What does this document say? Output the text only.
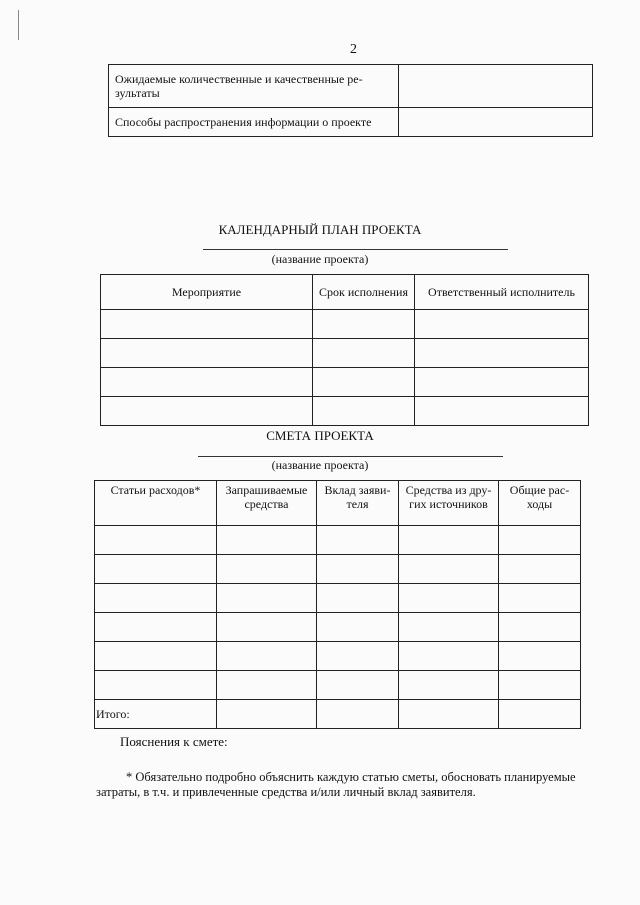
2
Ожидаемые количественные и качественные ре-зультаты	
Способы распространения информации о проекте	
КАЛЕНДАРНЫЙ ПЛАН ПРОЕКТА
(название проекта)
Мероприятие	Срок исполнения	Ответственный исполнитель

СМЕТА ПРОЕКТА
(название проекта)
Статьи расходов*	Запрашиваемые средства	Вклад заяви-теля	Средства из дру-гих источников	Общие рас-ходы

Итого:				
Пояснения к смете:
* Обязательно подробно объяснить каждую статью сметы, обосновать планируемые затраты, в т.ч. и привлеченные средства и/или личный вклад заявителя.
